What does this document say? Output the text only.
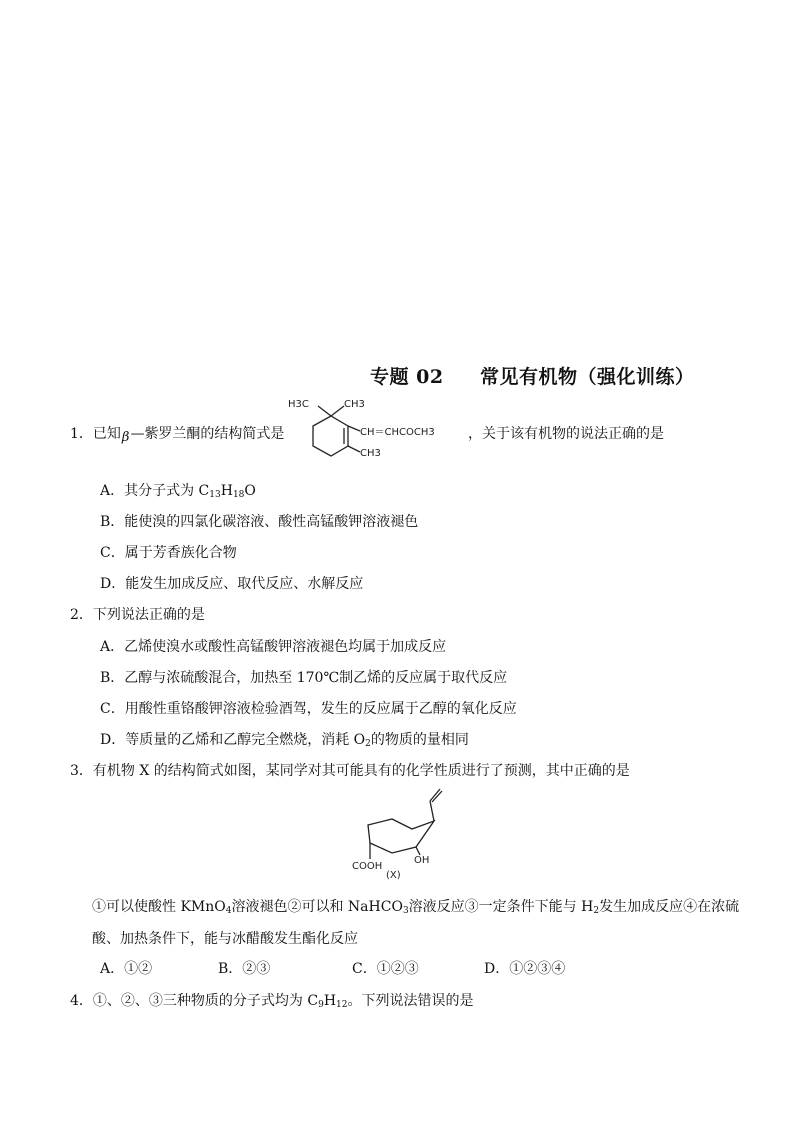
专题 02 常见有机物（强化训练）
1．已知β—紫罗兰酮的结构简式是
H3C	CH3
CH＝CHCOCH3
CH3
，关于该有机物的说法正确的是
A．其分子式为 $C_{13}H_{18}O$
B．能使溴的四氯化碳溶液、酸性高锰酸钾溶液褪色
C．属于芳香族化合物
D．能发生加成反应、取代反应、水解反应
2．下列说法正确的是
A．乙烯使溴水或酸性高锰酸钾溶液褪色均属于加成反应
B．乙醇与浓硫酸混合，加热至 170℃制乙烯的反应属于取代反应
C．用酸性重铬酸钾溶液检验酒驾，发生的反应属于乙醇的氧化反应
D．等质量的乙烯和乙醇完全燃烧，消耗 $O_2$的物质的量相同
3．有机物 X 的结构简式如图，某同学对其可能具有的化学性质进行了预测，其中正确的是
COOH
OH
(X)
①可以使酸性 KMnO$_4$溶液褪色②可以和 NaHCO$_3$溶液反应③一定条件下能与 $H_2$发生加成反应④在浓硫
酸、加热条件下，能与冰醋酸发生酯化反应
A．①②	B．②③	C．①②③	D．①②③④
4．①、②、③三种物质的分子式均为 $C_9H_{12}$。下列说法错误的是
